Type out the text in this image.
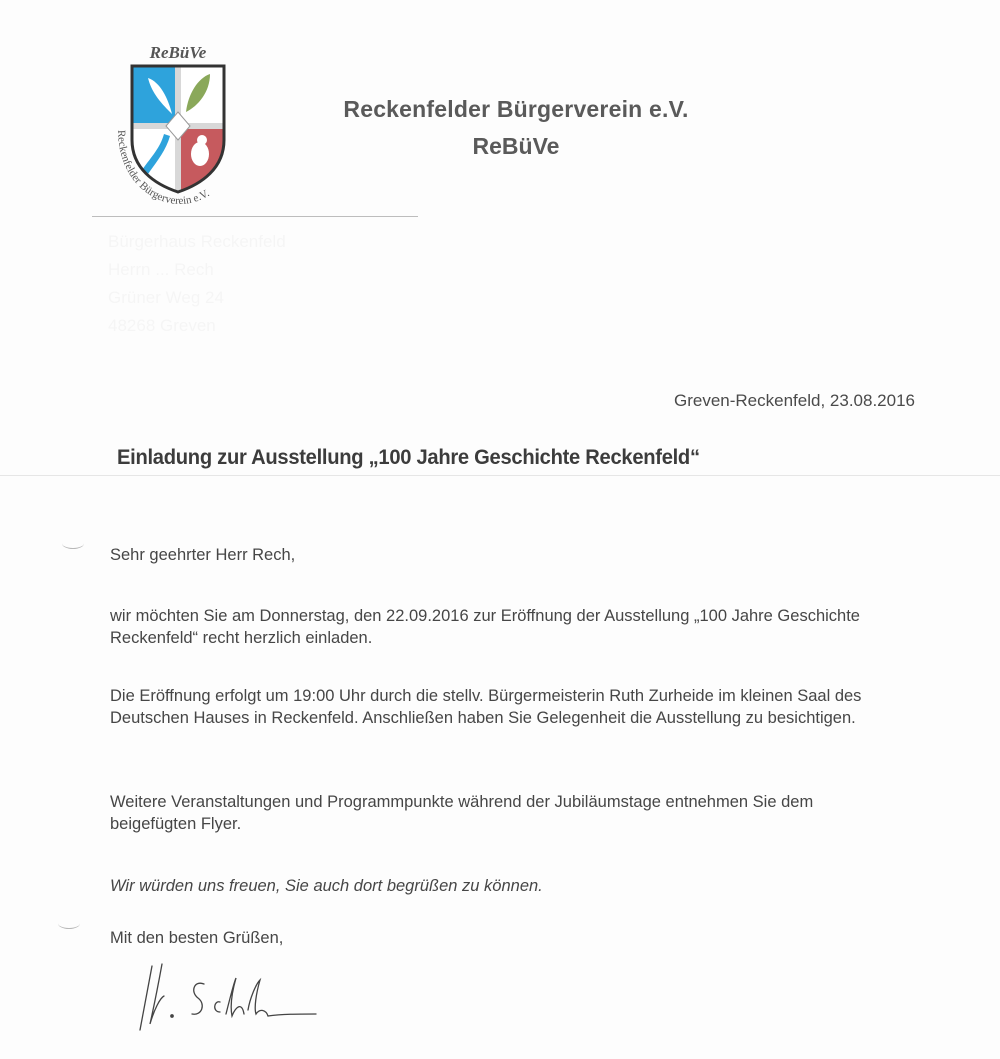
ReBüVe
Reckenfelder Bürgerverein e.V.
Bürgerhaus Reckenfeld
Herrn ... Rech
Grüner Weg 24
48268 Greven
Reckenfelder Bürgerverein e.V.
ReBüVe
Greven-Reckenfeld, 23.08.2016
Einladung zur Ausstellung „100 Jahre Geschichte Reckenfeld“
Sehr geehrter Herr Rech,
wir möchten Sie am Donnerstag, den 22.09.2016 zur Eröffnung der Ausstellung „100 Jahre Geschichte Reckenfeld“ recht herzlich einladen.
Die Eröffnung erfolgt um 19:00 Uhr durch die stellv. Bürgermeisterin Ruth Zurheide im kleinen Saal des Deutschen Hauses in Reckenfeld. Anschließen haben Sie Gelegenheit die Ausstellung zu besichtigen.
Weitere Veranstaltungen und Programmpunkte während der Jubiläumstage entnehmen Sie dem beigefügten Flyer.
Wir würden uns freuen, Sie auch dort begrüßen zu können.
Mit den besten Grüßen,
